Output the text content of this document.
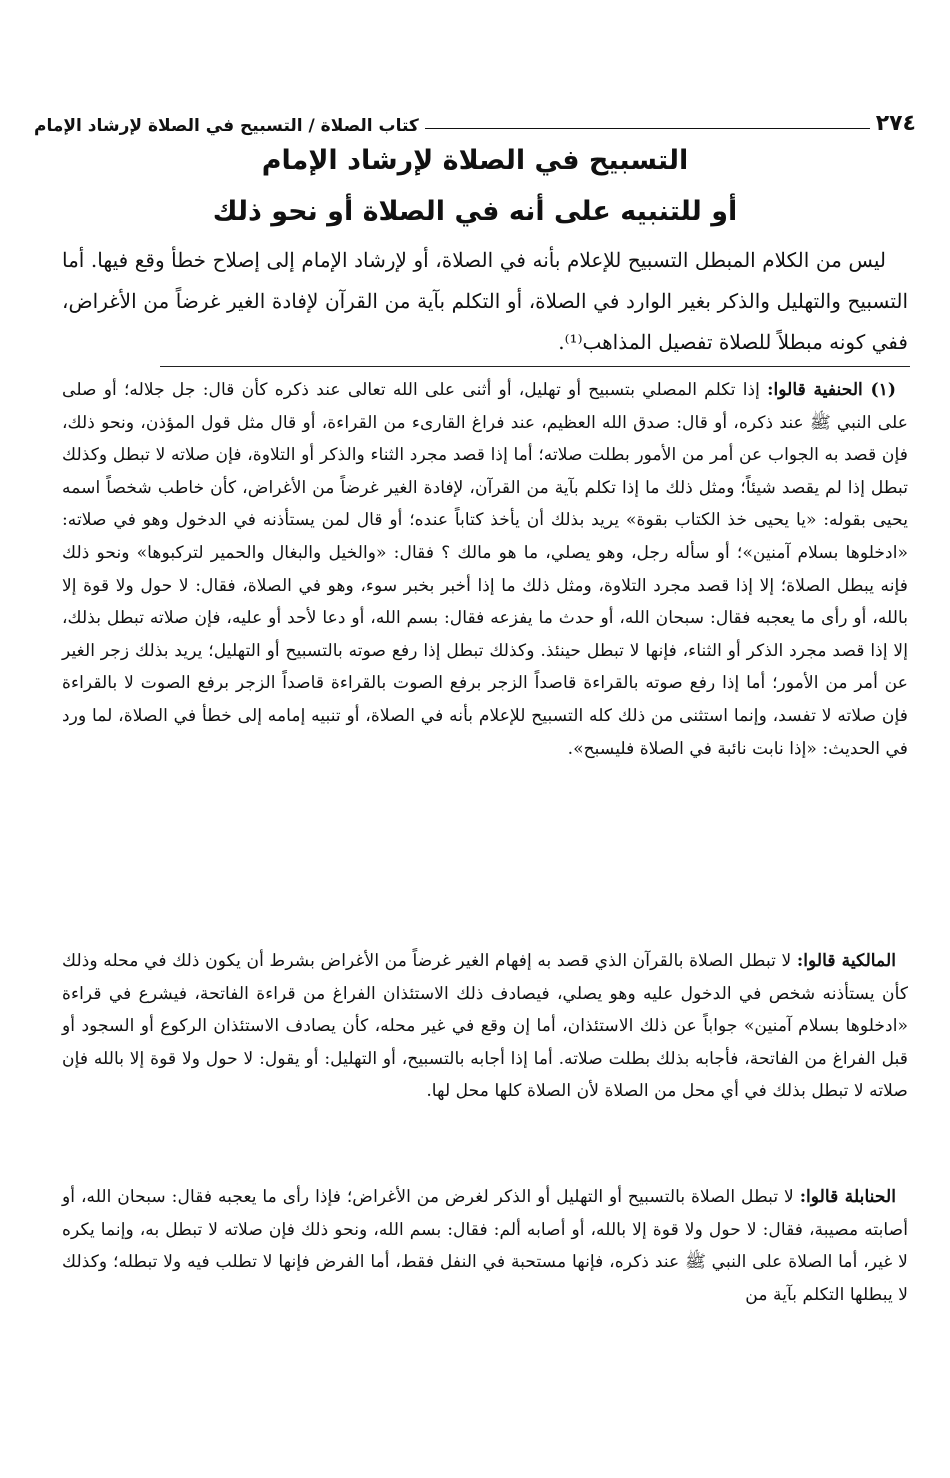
كتاب الصلاة / التسبيح في الصلاة لإرشاد الإمام	٢٧٤
التسبيح في الصلاة لإرشاد الإمام
أو للتنبيه على أنه في الصلاة أو نحو ذلك
ليس من الكلام المبطل التسبيح للإعلام بأنه في الصلاة، أو لإرشاد الإمام إلى إصلاح خطأ وقع فيها. أما التسبيح والتهليل والذكر بغير الوارد في الصلاة، أو التكلم بآية من القرآن لإفادة الغير غرضاً من الأغراض، ففي كونه مبطلاً للصلاة تفصيل المذاهب⁽¹⁾.
(١) الحنفية قالوا: إذا تكلم المصلي بتسبيح أو تهليل، أو أثنى على الله تعالى عند ذكره كأن قال: جل جلاله؛ أو صلى على النبي ﷺ عند ذكره، أو قال: صدق الله العظيم، عند فراغ القارىء من القراءة، أو قال مثل قول المؤذن، ونحو ذلك، فإن قصد به الجواب عن أمر من الأمور بطلت صلاته؛ أما إذا قصد مجرد الثناء والذكر أو التلاوة، فإن صلاته لا تبطل وكذلك تبطل إذا لم يقصد شيئاً؛ ومثل ذلك ما إذا تكلم بآية من القرآن، لإفادة الغير غرضاً من الأغراض، كأن خاطب شخصاً اسمه يحيى بقوله: «يا يحيى خذ الكتاب بقوة» يريد بذلك أن يأخذ كتاباً عنده؛ أو قال لمن يستأذنه في الدخول وهو في صلاته: «ادخلوها بسلام آمنين»؛ أو سأله رجل، وهو يصلي، ما هو مالك ؟ فقال: «والخيل والبغال والحمير لتركبوها» ونحو ذلك فإنه يبطل الصلاة؛ إلا إذا قصد مجرد التلاوة، ومثل ذلك ما إذا أخبر بخبر سوء، وهو في الصلاة، فقال: لا حول ولا قوة إلا بالله، أو رأى ما يعجبه فقال: سبحان الله، أو حدث ما يفزعه فقال: بسم الله، أو دعا لأحد أو عليه، فإن صلاته تبطل بذلك، إلا إذا قصد مجرد الذكر أو الثناء، فإنها لا تبطل حينئذ. وكذلك تبطل إذا رفع صوته بالتسبيح أو التهليل؛ يريد بذلك زجر الغير عن أمر من الأمور؛ أما إذا رفع صوته بالقراءة قاصداً الزجر برفع الصوت بالقراءة قاصداً الزجر برفع الصوت لا بالقراءة فإن صلاته لا تفسد، وإنما استثنى من ذلك كله التسبيح للإعلام بأنه في الصلاة، أو تنبيه إمامه إلى خطأ في الصلاة، لما ورد في الحديث: «إذا نابت نائبة في الصلاة فليسبح».
المالكية قالوا: لا تبطل الصلاة بالقرآن الذي قصد به إفهام الغير غرضاً من الأغراض بشرط أن يكون ذلك في محله وذلك كأن يستأذنه شخص في الدخول عليه وهو يصلي، فيصادف ذلك الاستئذان الفراغ من قراءة الفاتحة، فيشرع في قراءة «ادخلوها بسلام آمنين» جواباً عن ذلك الاستئذان، أما إن وقع في غير محله، كأن يصادف الاستئذان الركوع أو السجود أو قبل الفراغ من الفاتحة، فأجابه بذلك بطلت صلاته. أما إذا أجابه بالتسبيح، أو التهليل: أو يقول: لا حول ولا قوة إلا بالله فإن صلاته لا تبطل بذلك في أي محل من الصلاة لأن الصلاة كلها محل لها.
الحنابلة قالوا: لا تبطل الصلاة بالتسبيح أو التهليل أو الذكر لغرض من الأغراض؛ فإذا رأى ما يعجبه فقال: سبحان الله، أو أصابته مصيبة، فقال: لا حول ولا قوة إلا بالله، أو أصابه ألم: فقال: بسم الله، ونحو ذلك فإن صلاته لا تبطل به، وإنما يكره لا غير، أما الصلاة على النبي ﷺ عند ذكره، فإنها مستحبة في النفل فقط، أما الفرض فإنها لا تطلب فيه ولا تبطله؛ وكذلك لا يبطلها التكلم بآية من
